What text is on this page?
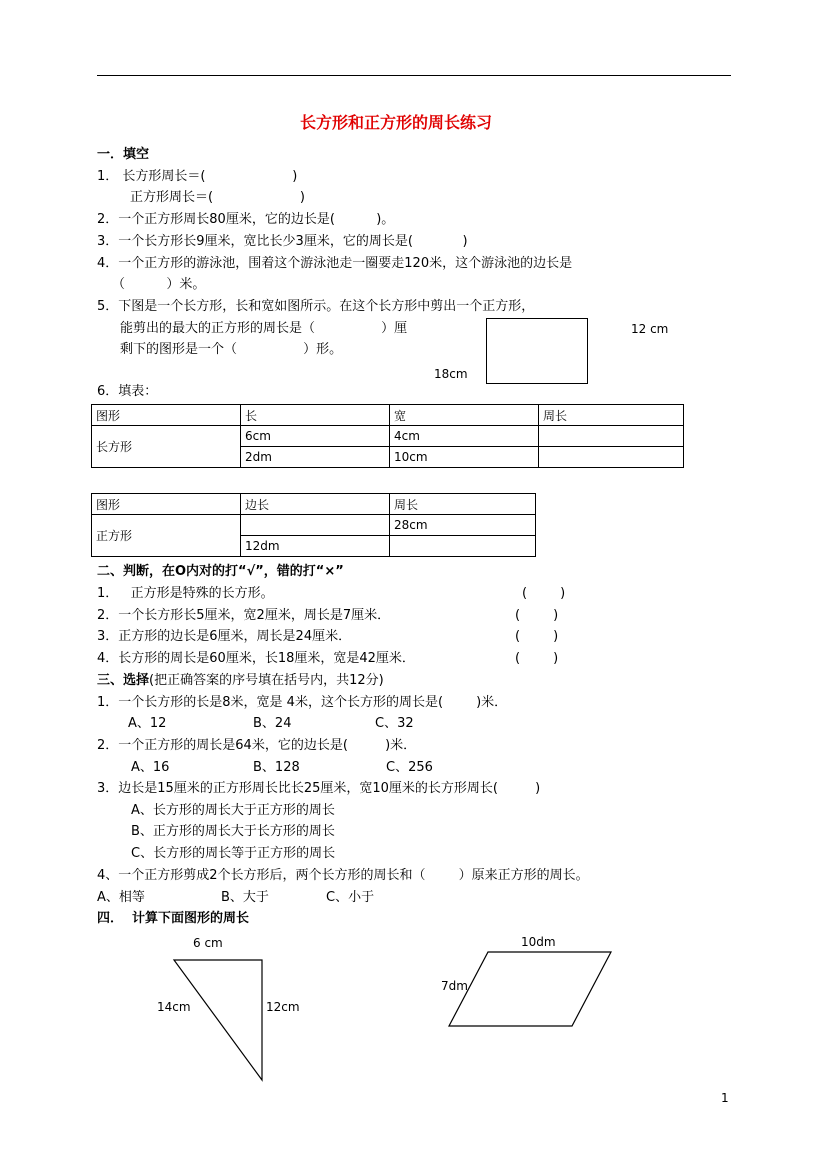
长方形和正方形的周长练习
一．填空
1． 长方形周长＝(                     )
正方形周长＝(                     )
2．一个正方形周长80厘米，它的边长是(          )。
3．一个长方形长9厘米，宽比长少3厘米，它的周长是(            )
4．一个正方形的游泳池，围着这个游泳池走一圈要走120米，这个游泳池的边长是
（          ）米。
5．下图是一个长方形，长和宽如图所示。在这个长方形中剪出一个正方形，
能剪出的最大的正方形的周长是（                ）厘
剩下的图形是一个（                ）形。
12 cm
18cm
6．填表：
图形	长	宽	周长
长方形	6cm	4cm	
	2dm	10cm	
图形	边长	周长
正方形		28cm
	12dm	
二、判断，在O内对的打“√”，错的打“×”
1．   正方形是特殊的长方形。	(        )
2．一个长方形长5厘米，宽2厘米，周长是7厘米．	(        )
3．正方形的边长是6厘米，周长是24厘米．	(        )
4．长方形的周长是60厘米，长18厘米，宽是42厘米．	(        )
三、选择(把正确答案的序号填在括号内，共12分)
1．一个长方形的长是8米，宽是 4米，这个长方形的周长是(        )米．
A、12	B、24	C、32
2．一个正方形的周长是64米，它的边长是(         )米．
A、16	B、128	C、256
3．边长是15厘米的正方形周长比长25厘米，宽10厘米的长方形周长(         )
A、长方形的周长大于正方形的周长
B、正方形的周长大于长方形的周长
C、长方形的周长等于正方形的周长
4、一个正方形剪成2个长方形后，两个长方形的周长和（        ）原来正方形的周长。
A、相等	B、大于	C、小于
四．  计算下面图形的周长
6 cm
14cm	12cm
10dm
7dm
1
